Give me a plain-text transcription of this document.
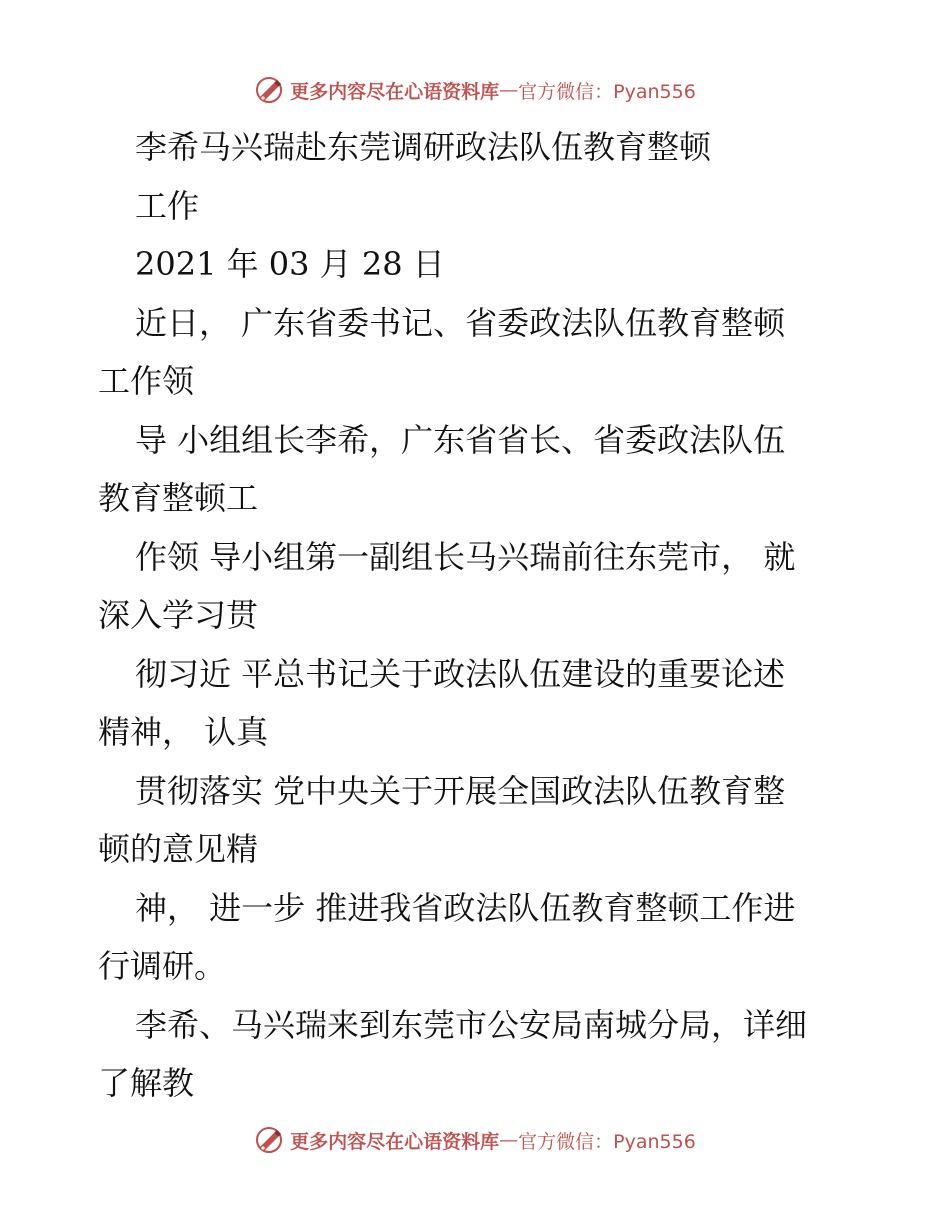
更多内容尽在心语资料库 — 官方微信：Pyan556
李希马兴瑞赴东莞调研政法队伍教育整顿
工作
2021 年 03 月 28 日
近日， 广东省委书记、省委政法队伍教育整顿
工作领
导 小组组长李希，广东省省长、省委政法队伍
教育整顿工
作领 导小组第一副组长马兴瑞前往东莞市， 就
深入学习贯
彻习近 平总书记关于政法队伍建设的重要论述
精神， 认真
贯彻落实 党中央关于开展全国政法队伍教育整
顿的意见精
神， 进一步 推进我省政法队伍教育整顿工作进
行调研。
李希、马兴瑞来到东莞市公安局南城分局，详细
了解教
更多内容尽在心语资料库 — 官方微信：Pyan556
